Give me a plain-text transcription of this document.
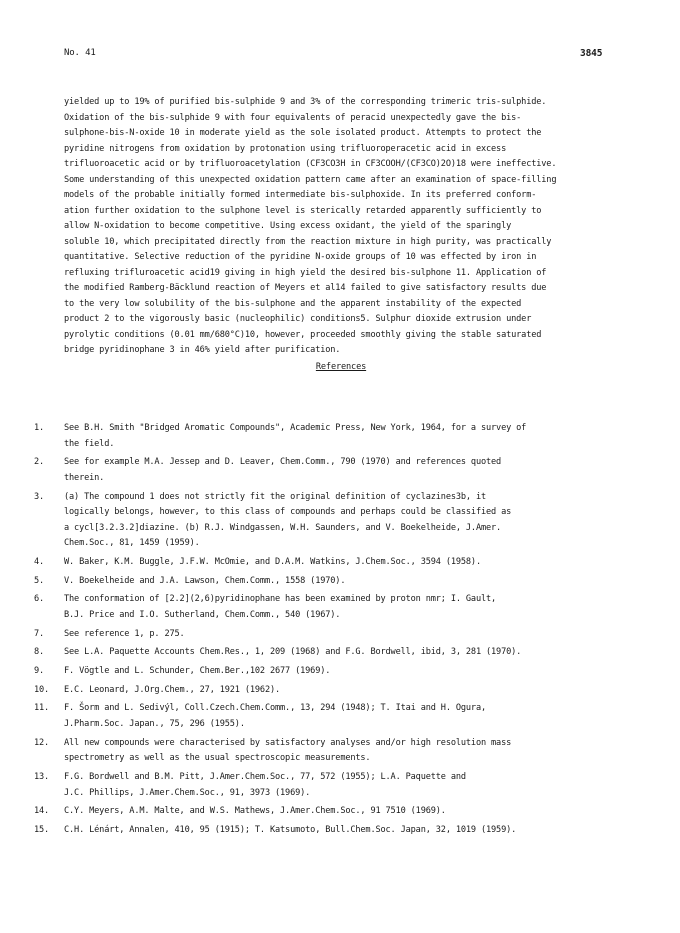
No. 41	3845
yielded up to 19% of purified bis-sulphide 9 and 3% of the corresponding trimeric tris-sulphide.
Oxidation of the bis-sulphide 9 with four equivalents of peracid unexpectedly gave the bis-
sulphone-bis-N-oxide 10 in moderate yield as the sole isolated product. Attempts to protect the
pyridine nitrogens from oxidation by protonation using trifluoroperacetic acid in excess
trifluoroacetic acid or by trifluoroacetylation (CF3CO3H in CF3COOH/(CF3CO)2O)18 were ineffective.
Some understanding of this unexpected oxidation pattern came after an examination of space-filling
models of the probable initially formed intermediate bis-sulphoxide. In its preferred conform-
ation further oxidation to the sulphone level is sterically retarded apparently sufficiently to
allow N-oxidation to become competitive. Using excess oxidant, the yield of the sparingly
soluble 10, which precipitated directly from the reaction mixture in high purity, was practically
quantitative. Selective reduction of the pyridine N-oxide groups of 10 was effected by iron in
refluxing trifluroacetic acid19 giving in high yield the desired bis-sulphone 11. Application of
the modified Ramberg-Bäcklund reaction of Meyers et al14 failed to give satisfactory results due
to the very low solubility of the bis-sulphone and the apparent instability of the expected
product 2 to the vigorously basic (nucleophilic) conditions5. Sulphur dioxide extrusion under
pyrolytic conditions (0.01 mm/680°C)10, however, proceeded smoothly giving the stable saturated
bridge pyridinophane 3 in 46% yield after purification.
References
1.	See B.H. Smith "Bridged Aromatic Compounds", Academic Press, New York, 1964, for a survey of
the field.
2.	See for example M.A. Jessep and D. Leaver, Chem.Comm., 790 (1970) and references quoted
therein.
3.	(a) The compound 1 does not strictly fit the original definition of cyclazines3b, it
logically belongs, however, to this class of compounds and perhaps could be classified as
a cycl[3.2.3.2]diazine. (b) R.J. Windgassen, W.H. Saunders, and V. Boekelheide, J.Amer.
Chem.Soc., 81, 1459 (1959).
4.	W. Baker, K.M. Buggle, J.F.W. McOmie, and D.A.M. Watkins, J.Chem.Soc., 3594 (1958).
5.	V. Boekelheide and J.A. Lawson, Chem.Comm., 1558 (1970).
6.	The conformation of [2.2](2,6)pyridinophane has been examined by proton nmr; I. Gault,
B.J. Price and I.O. Sutherland, Chem.Comm., 540 (1967).
7.	See reference 1, p. 275.
8.	See L.A. Paquette Accounts Chem.Res., 1, 209 (1968) and F.G. Bordwell, ibid, 3, 281 (1970).
9.	F. Vögtle and L. Schunder, Chem.Ber.,102 2677 (1969).
10.	E.C. Leonard, J.Org.Chem., 27, 1921 (1962).
11.	F. Šorm and L. Sedivýl, Coll.Czech.Chem.Comm., 13, 294 (1948); T. Itai and H. Ogura,
J.Pharm.Soc. Japan., 75, 296 (1955).
12.	All new compounds were characterised by satisfactory analyses and/or high resolution mass
spectrometry as well as the usual spectroscopic measurements.
13.	F.G. Bordwell and B.M. Pitt, J.Amer.Chem.Soc., 77, 572 (1955); L.A. Paquette and
J.C. Phillips, J.Amer.Chem.Soc., 91, 3973 (1969).
14.	C.Y. Meyers, A.M. Malte, and W.S. Mathews, J.Amer.Chem.Soc., 91 7510 (1969).
15.	C.H. Lénárt, Annalen, 410, 95 (1915); T. Katsumoto, Bull.Chem.Soc. Japan, 32, 1019 (1959).
